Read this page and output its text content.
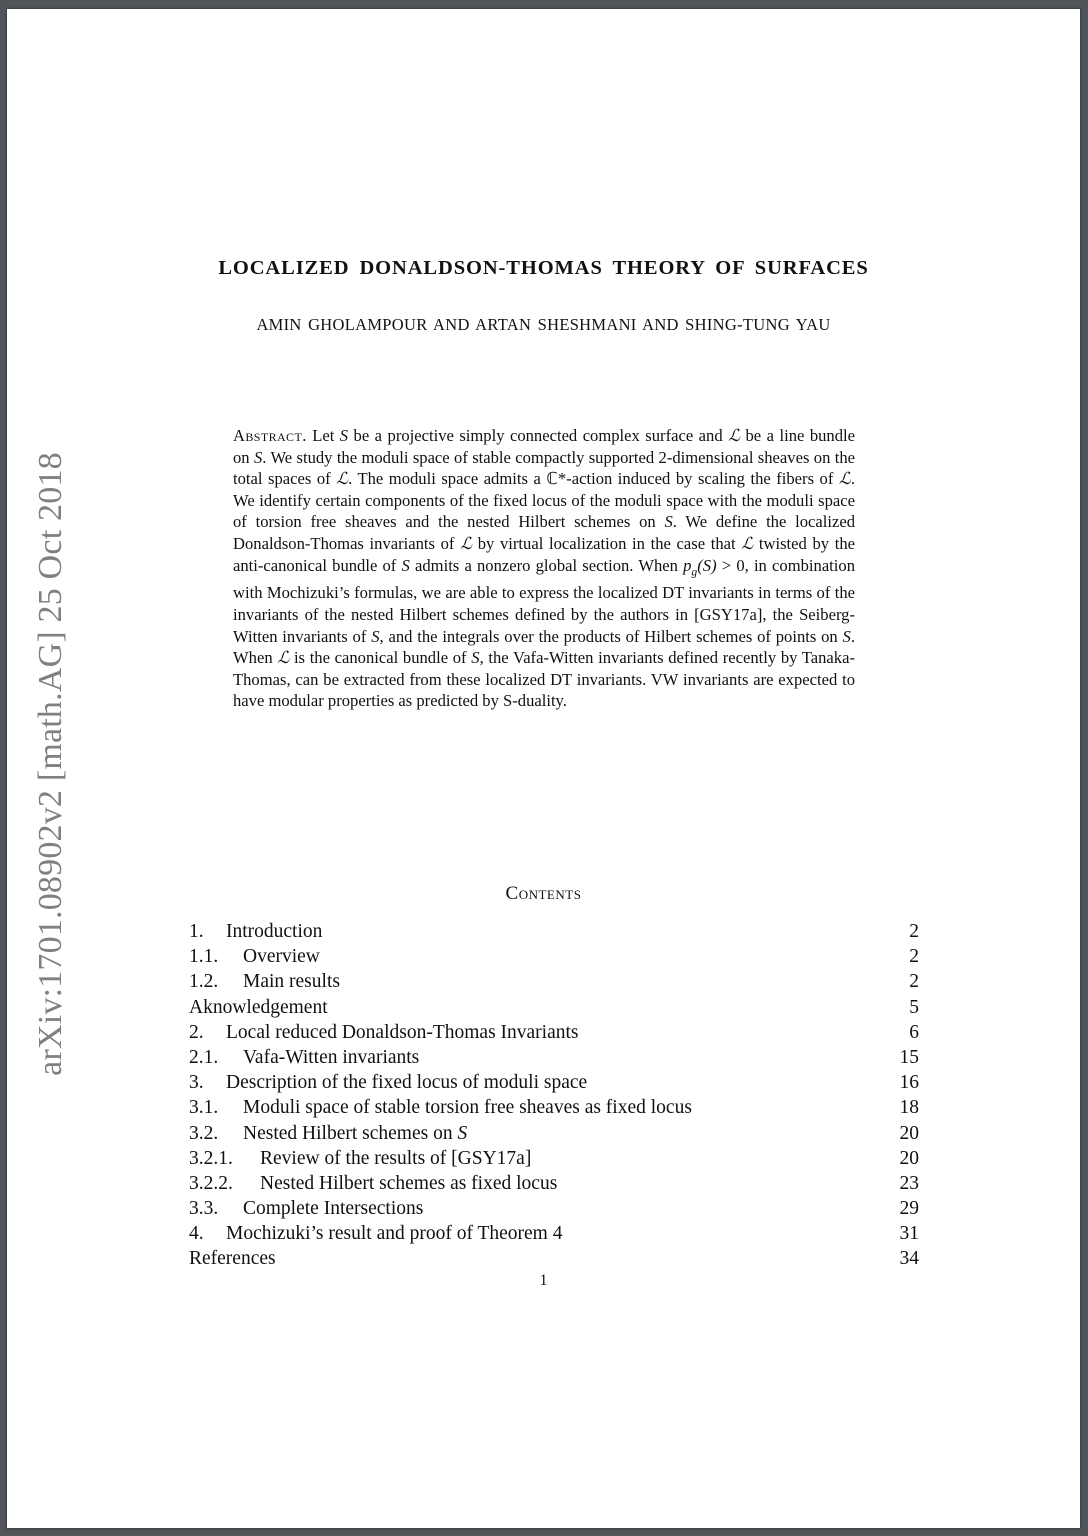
arXiv:1701.08902v2 [math.AG] 25 Oct 2018
LOCALIZED DONALDSON-THOMAS THEORY OF SURFACES
AMIN GHOLAMPOUR AND ARTAN SHESHMANI AND SHING-TUNG YAU
Abstract. Let S be a projective simply connected complex surface and ℒ be a line bundle on S. We study the moduli space of stable compactly supported 2-dimensional sheaves on the total spaces of ℒ. The moduli space admits a ℂ*-action induced by scaling the fibers of ℒ. We identify certain components of the fixed locus of the moduli space with the moduli space of torsion free sheaves and the nested Hilbert schemes on S. We define the localized Donaldson-Thomas invariants of ℒ by virtual localization in the case that ℒ twisted by the anti-canonical bundle of S admits a nonzero global section. When $p_g(S) > 0$, in combination with Mochizuki’s formulas, we are able to express the localized DT invariants in terms of the invariants of the nested Hilbert schemes defined by the authors in [GSY17a], the Seiberg-Witten invariants of S, and the integrals over the products of Hilbert schemes of points on S. When ℒ is the canonical bundle of S, the Vafa-Witten invariants defined recently by Tanaka-Thomas, can be extracted from these localized DT invariants. VW invariants are expected to have modular properties as predicted by S-duality.
Contents
1. Introduction	2
1.1. Overview	2
1.2. Main results	2
Aknowledgement	5
2. Local reduced Donaldson-Thomas Invariants	6
2.1. Vafa-Witten invariants	15
3. Description of the fixed locus of moduli space	16
3.1. Moduli space of stable torsion free sheaves as fixed locus	18
3.2. Nested Hilbert schemes on S	20
3.2.1. Review of the results of [GSY17a]	20
3.2.2. Nested Hilbert schemes as fixed locus	23
3.3. Complete Intersections	29
4. Mochizuki’s result and proof of Theorem 4	31
References	34
1
